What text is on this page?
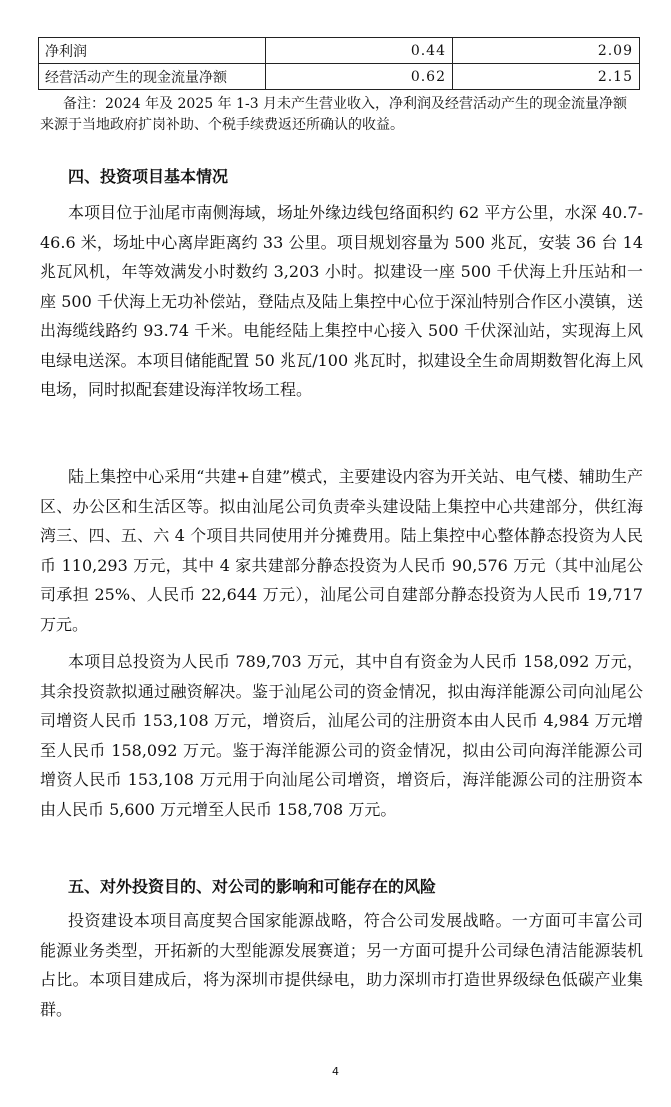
净利润	0.44	2.09
经营活动产生的现金流量净额	0.62	2.15

备注：2024 年及 2025 年 1-3 月未产生营业收入，净利润及经营活动产生的现金流量净额来源于当地政府扩岗补助、个税手续费返还所确认的收益。

四、投资项目基本情况

本项目位于汕尾市南侧海域，场址外缘边线包络面积约 62 平方公里，水深 40.7-46.6 米，场址中心离岸距离约 33 公里。项目规划容量为 500 兆瓦，安装 36 台 14 兆瓦风机，年等效满发小时数约 3,203 小时。拟建设一座 500 千伏海上升压站和一座 500 千伏海上无功补偿站，登陆点及陆上集控中心位于深汕特别合作区小漠镇，送出海缆线路约 93.74 千米。电能经陆上集控中心接入 500 千伏深汕站，实现海上风电绿电送深。本项目储能配置 50 兆瓦/100 兆瓦时，拟建设全生命周期数智化海上风电场，同时拟配套建设海洋牧场工程。

陆上集控中心采用“共建+自建”模式，主要建设内容为开关站、电气楼、辅助生产区、办公区和生活区等。拟由汕尾公司负责牵头建设陆上集控中心共建部分，供红海湾三、四、五、六 4 个项目共同使用并分摊费用。陆上集控中心整体静态投资为人民币 110,293 万元，其中 4 家共建部分静态投资为人民币 90,576 万元（其中汕尾公司承担 25%、人民币 22,644 万元），汕尾公司自建部分静态投资为人民币 19,717 万元。

本项目总投资为人民币 789,703 万元，其中自有资金为人民币 158,092 万元，其余投资款拟通过融资解决。鉴于汕尾公司的资金情况，拟由海洋能源公司向汕尾公司增资人民币 153,108 万元，增资后，汕尾公司的注册资本由人民币 4,984 万元增至人民币 158,092 万元。鉴于海洋能源公司的资金情况，拟由公司向海洋能源公司增资人民币 153,108 万元用于向汕尾公司增资，增资后，海洋能源公司的注册资本由人民币 5,600 万元增至人民币 158,708 万元。

五、对外投资目的、对公司的影响和可能存在的风险

投资建设本项目高度契合国家能源战略，符合公司发展战略。一方面可丰富公司能源业务类型，开拓新的大型能源发展赛道；另一方面可提升公司绿色清洁能源装机占比。本项目建成后，将为深圳市提供绿电，助力深圳市打造世界级绿色低碳产业集群。

4
